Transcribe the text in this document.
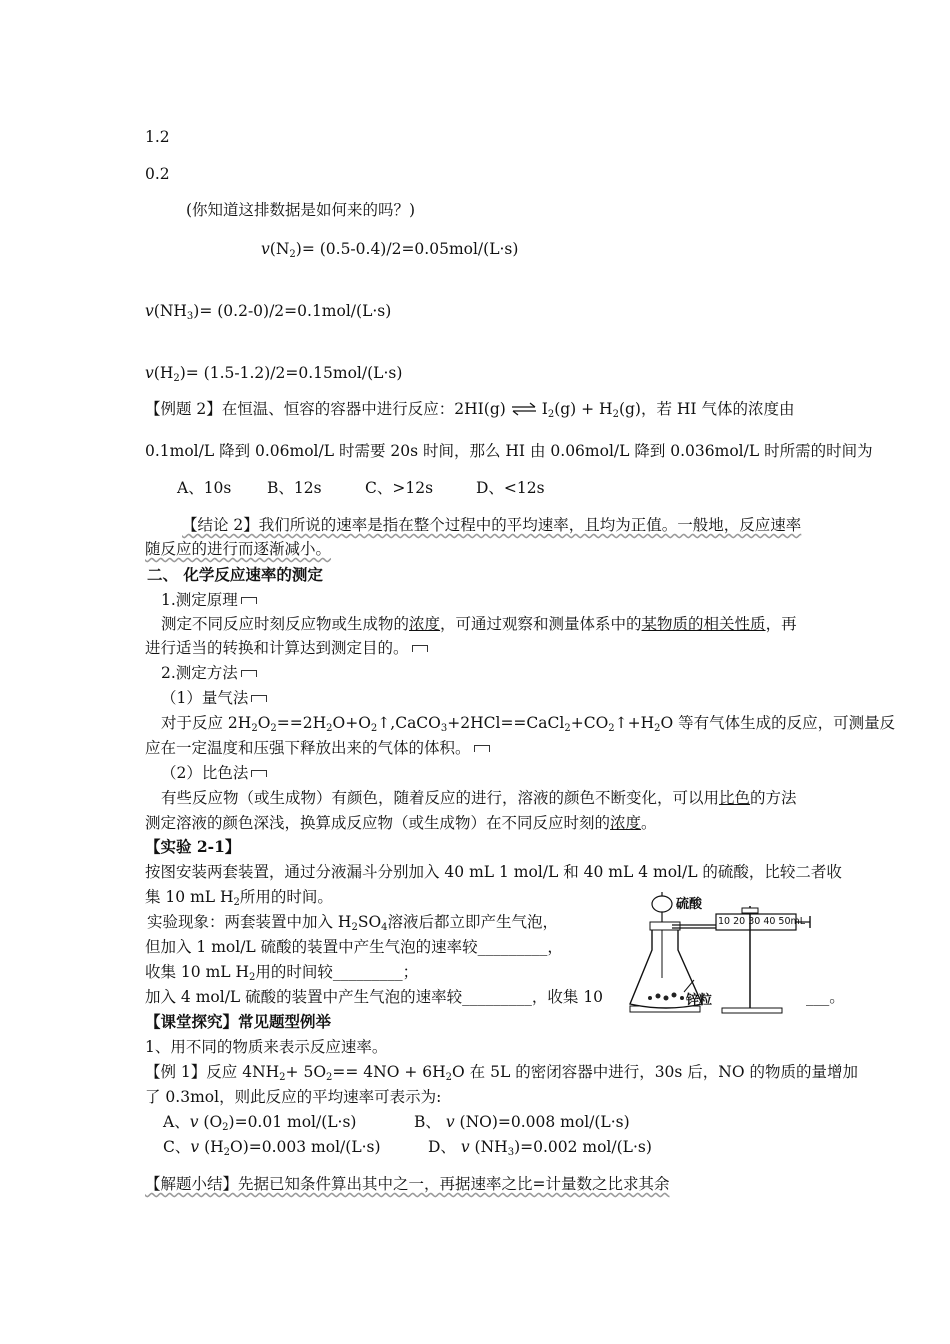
1.2
0.2
(你知道这排数据是如何来的吗？)
$v(N_2)= (0.5-0.4)/2=0.05mol/(L\cdot s)$
$v(NH_3)= (0.2-0)/2=0.1mol/(L\cdot s)$
$v(H_2)= (1.5-1.2)/2=0.15mol/(L\cdot s)$
【例题 2】在恒温、恒容的容器中进行反应：2HI(g) ⇌ $I_2(g) + H_2(g)$，若 HI 气体的浓度由
0.1mol/L 降到 0.06mol/L 时需要 20s 时间，那么 HI 由 0.06mol/L 降到 0.036mol/L 时所需的时间为
A、10s B、12s	C、>12s	D、<12s
【结论 2】我们所说的速率是指在整个过程中的平均速率，且均为正值。一般地，反应速率
随反应的进行而逐渐减小。
二、 化学反应速率的测定
1.测定原理
测定不同反应时刻反应物或生成物的浓度，可通过观察和测量体系中的某物质的相关性质，再
进行适当的转换和计算达到测定目的。
2.测定方法
（1）量气法
对于反应 $2H_2O_2==2H_2O+O_2↑,CaCO_3+2HCl==CaCl_2+CO_2↑+H_2O$ 等有气体生成的反应，可测量反
应在一定温度和压强下释放出来的气体的体积。
（2）比色法
有些反应物（或生成物）有颜色，随着反应的进行，溶液的颜色不断变化，可以用比色的方法
测定溶液的颜色深浅，换算成反应物（或生成物）在不同反应时刻的浓度。
【实验 2-1】
按图安装两套装置，通过分液漏斗分别加入 40 mL 1 mol/L 和 40 mL 4 mol/L 的硫酸，比较二者收
集 10 mL $H_2$所用的时间。
实验现象：两套装置中加入 $H_2SO_4$溶液后都立即产生气泡，
但加入 1 mol/L 硫酸的装置中产生气泡的速率较_________，
收集 10 mL $H_2$用的时间较_________；
加入 4 mol/L 硫酸的装置中产生气泡的速率较_________，收集 10	___。
硫酸
10 20 30 40 50mL
锌粒
【课堂探究】常见题型例举
1、用不同的物质来表示反应速率。
【例 1】反应 $4NH_2+ 5O_2== 4NO + 6H_2O$ 在 5L 的密闭容器中进行，30s 后，NO 的物质的量增加
了 0.3mol，则此反应的平均速率可表示为:
A、v $(O_2)=0.01$ mol/(L·s)	B、 v (NO)=0.008 mol/(L·s)
C、v $(H_2O)=0.003$ mol/(L·s)	D、 v $(NH_3)=0.002$ mol/(L·s)
【解题小结】先据已知条件算出其中之一，再据速率之比=计量数之比求其余
